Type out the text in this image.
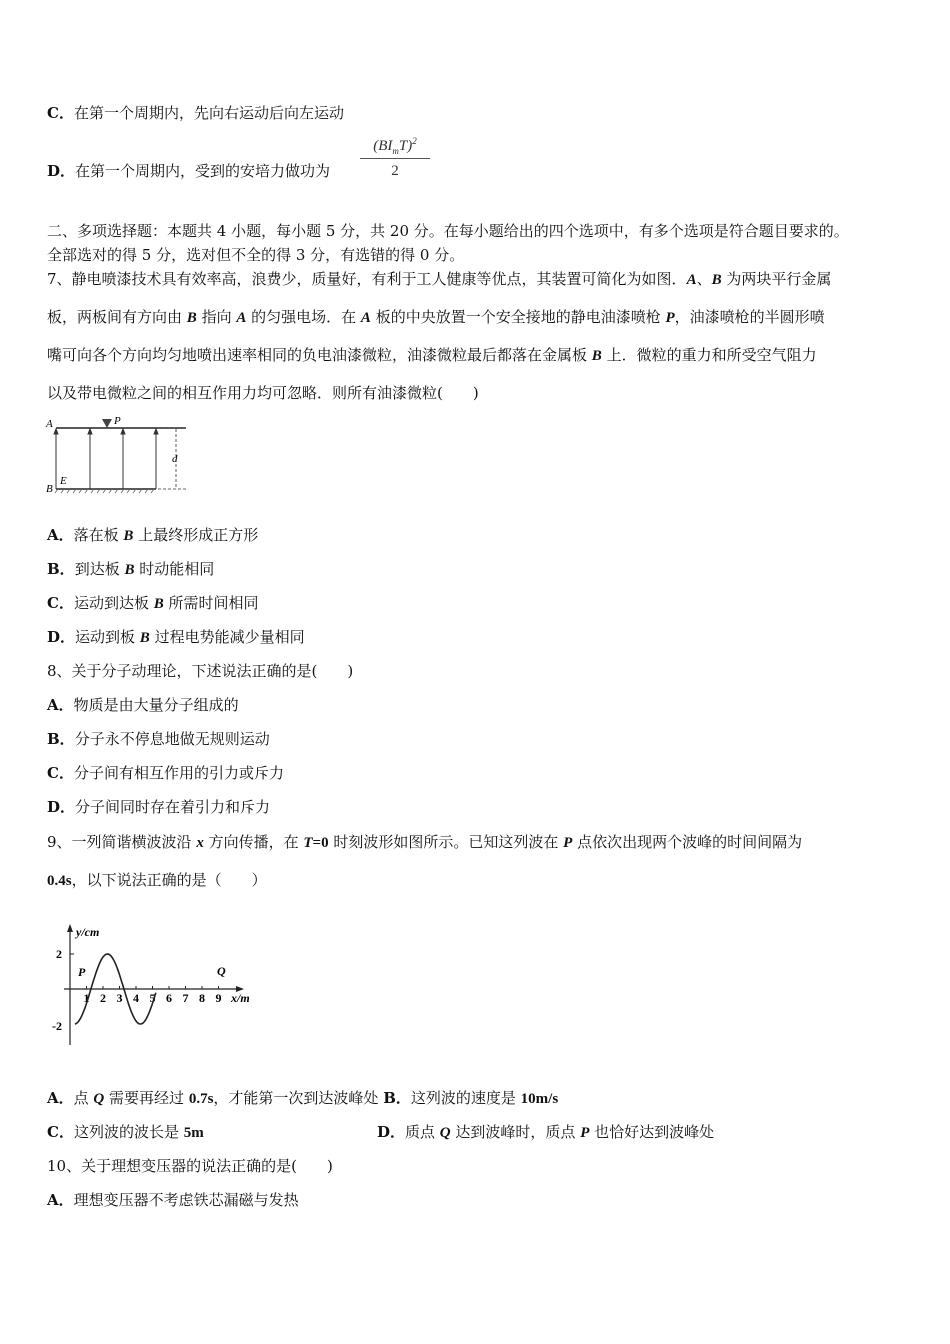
C．在第一个周期内，先向右运动后向左运动
D．在第一个周期内，受到的安培力做功为
$(BI_mT)^2$
2
二、多项选择题：本题共 4 小题，每小题 5 分，共 20 分。在每小题给出的四个选项中，有多个选项是符合题目要求的。
全部选对的得 5 分，选对但不全的得 3 分，有选错的得 0 分。
7、静电喷漆技术具有效率高，浪费少，质量好，有利于工人健康等优点，其装置可简化为如图．A、B 为两块平行金属
板，两板间有方向由 B 指向 A 的匀强电场．在 A 板的中央放置一个安全接地的静电油漆喷枪 P，油漆喷枪的半圆形喷
嘴可向各个方向均匀地喷出速率相同的负电油漆微粒，油漆微粒最后都落在金属板 B 上．微粒的重力和所受空气阻力
以及带电微粒之间的相互作用力均可忽略．则所有油漆微粒(　　)
A	P
B
E
d
A．落在板 B 上最终形成正方形
B．到达板 B 时动能相同
C．运动到达板 B 所需时间相同
D．运动到板 B 过程电势能减少量相同
8、关于分子动理论，下述说法正确的是(　　)
A．物质是由大量分子组成的
B．分子永不停息地做无规则运动
C．分子间有相互作用的引力或斥力
D．分子间同时存在着引力和斥力
9、一列简谐横波波沿 x 方向传播，在 T=0 时刻波形如图所示。已知这列波在 P 点依次出现两个波峰的时间间隔为
0.4s，以下说法正确的是（　　）
y/cm
x/m
2
-2
1 2 3 4 5 6 7 8 9
P	Q
A．点 Q 需要再经过 0.7s，才能第一次到达波峰处 B．这列波的速度是 10m/s
C．这列波的波长是 5m	D．质点 Q 达到波峰时，质点 P 也恰好达到波峰处
10、关于理想变压器的说法正确的是(　　)
A．理想变压器不考虑铁芯漏磁与发热
